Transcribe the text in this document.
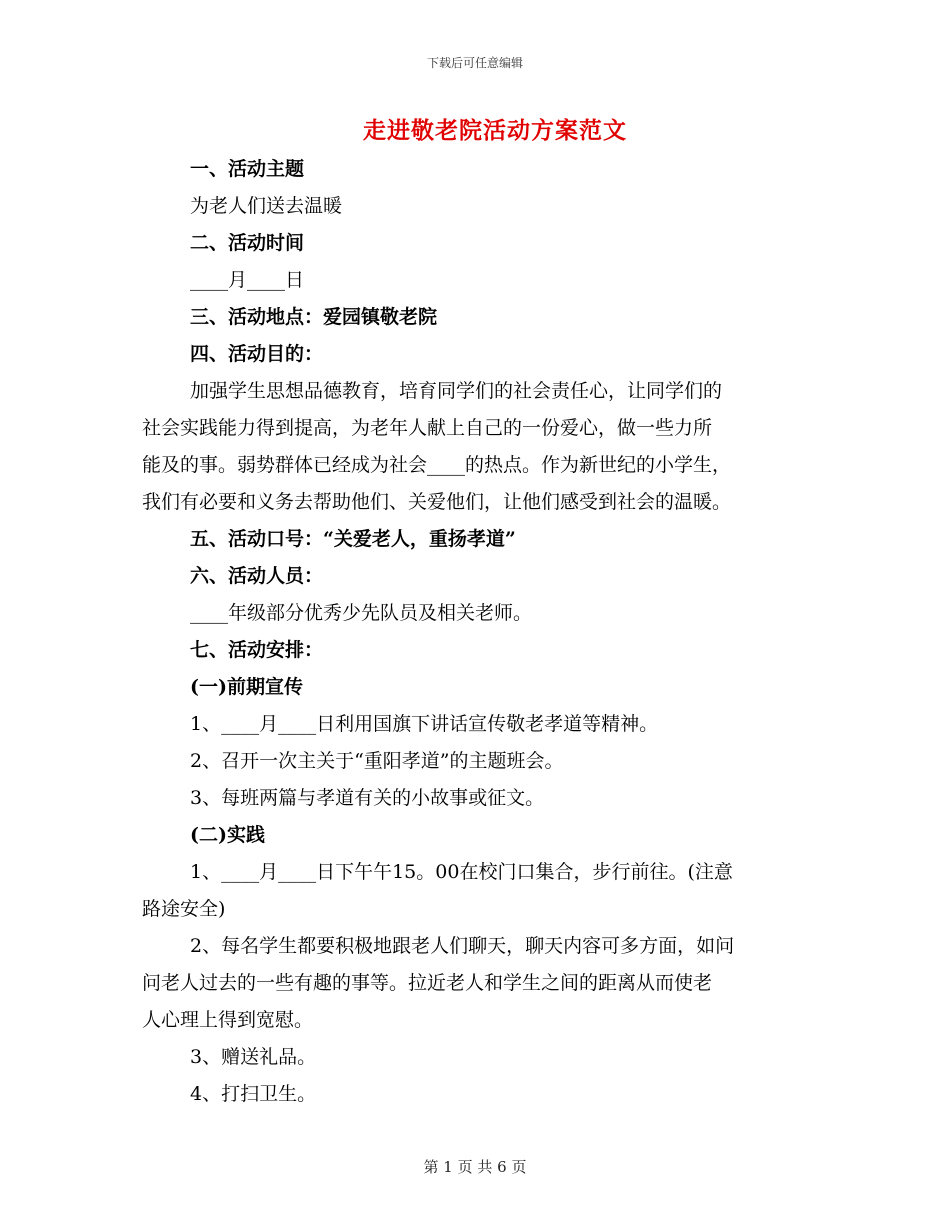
下载后可任意编辑
走进敬老院活动方案范文
一、活动主题
为老人们送去温暖
二、活动时间
____月____日
三、活动地点：爱园镇敬老院
四、活动目的：
加强学生思想品德教育，培育同学们的社会责任心，让同学们的
社会实践能力得到提高，为老年人献上自己的一份爱心，做一些力所
能及的事。弱势群体已经成为社会____的热点。作为新世纪的小学生，
我们有必要和义务去帮助他们、关爱他们，让他们感受到社会的温暖。
五、活动口号：“关爱老人，重扬孝道”
六、活动人员：
____年级部分优秀少先队员及相关老师。
七、活动安排：
(一)前期宣传
1、____月____日利用国旗下讲话宣传敬老孝道等精神。
2、召开一次主关于“重阳孝道”的主题班会。
3、每班两篇与孝道有关的小故事或征文。
(二)实践
1、____月____日下午午15。00在校门口集合，步行前往。(注意
路途安全)
2、每名学生都要积极地跟老人们聊天，聊天内容可多方面，如问
问老人过去的一些有趣的事等。拉近老人和学生之间的距离从而使老
人心理上得到宽慰。
3、赠送礼品。
4、打扫卫生。
第 1 页 共 6 页
